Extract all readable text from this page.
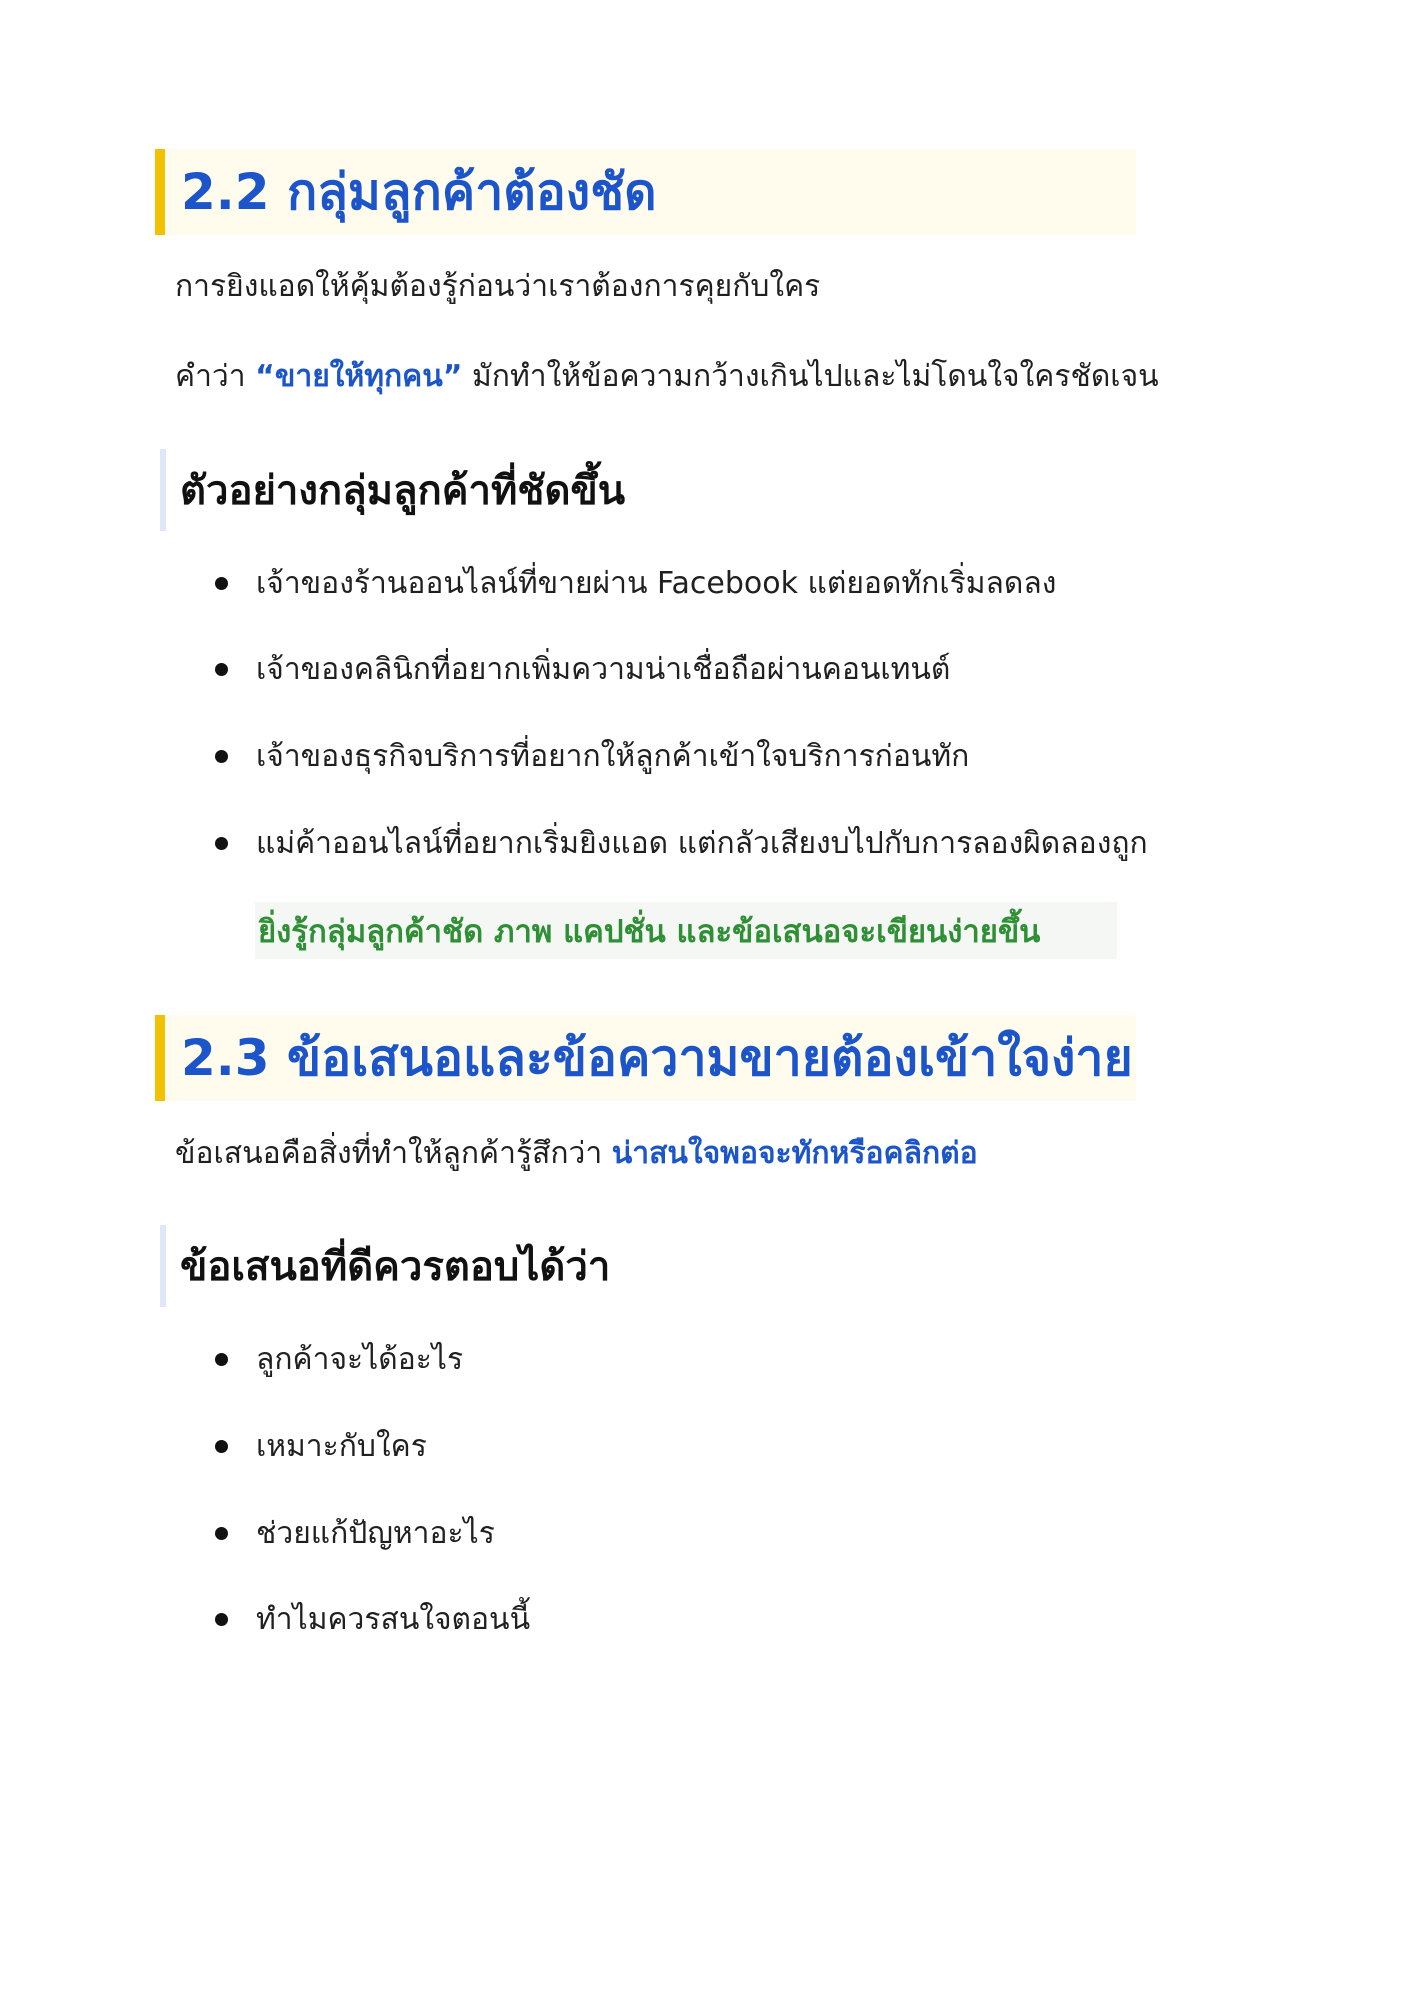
2.2 กลุ่มลูกค้าต้องชัด
การยิงแอดให้คุ้มต้องรู้ก่อนว่าเราต้องการคุยกับใคร
คำว่า “ขายให้ทุกคน” มักทำให้ข้อความกว้างเกินไปและไม่โดนใจใครชัดเจน
ตัวอย่างกลุ่มลูกค้าที่ชัดขึ้น
เจ้าของร้านออนไลน์ที่ขายผ่าน Facebook แต่ยอดทักเริ่มลดลง
เจ้าของคลินิกที่อยากเพิ่มความน่าเชื่อถือผ่านคอนเทนต์
เจ้าของธุรกิจบริการที่อยากให้ลูกค้าเข้าใจบริการก่อนทัก
แม่ค้าออนไลน์ที่อยากเริ่มยิงแอด แต่กลัวเสียงบไปกับการลองผิดลองถูก
ยิ่งรู้กลุ่มลูกค้าชัด ภาพ แคปชั่น และข้อเสนอจะเขียนง่ายขึ้น
2.3 ข้อเสนอและข้อความขายต้องเข้าใจง่าย
ข้อเสนอคือสิ่งที่ทำให้ลูกค้ารู้สึกว่า น่าสนใจพอจะทักหรือคลิกต่อ
ข้อเสนอที่ดีควรตอบได้ว่า
ลูกค้าจะได้อะไร
เหมาะกับใคร
ช่วยแก้ปัญหาอะไร
ทำไมควรสนใจตอนนี้
